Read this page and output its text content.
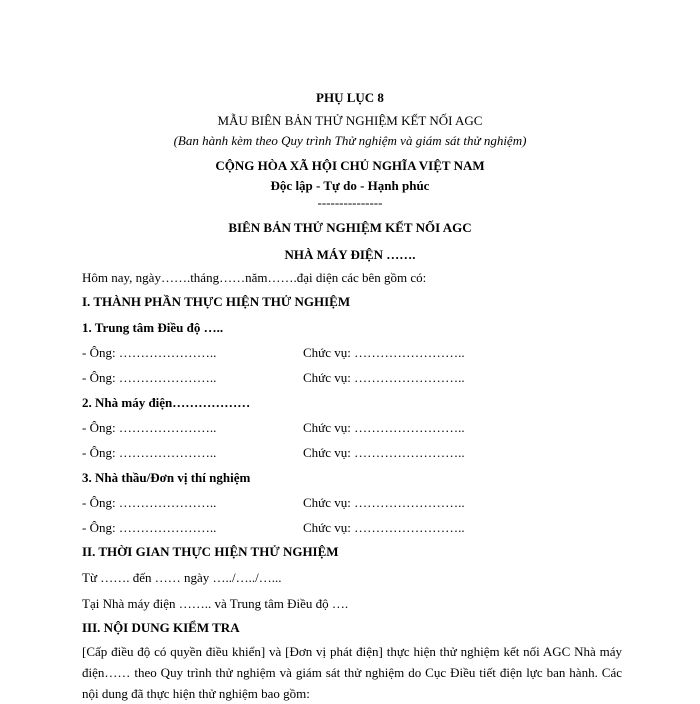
PHỤ LỤC 8
MẪU BIÊN BẢN THỬ NGHIỆM KẾT NỐI AGC
(Ban hành kèm theo Quy trình Thử nghiệm và giám sát thử nghiệm)
CỘNG HÒA XÃ HỘI CHỦ NGHĨA VIỆT NAM
Độc lập - Tự do - Hạnh phúc
---------------
BIÊN BẢN THỬ NGHIỆM KẾT NỐI AGC
NHÀ MÁY ĐIỆN …….
Hôm nay, ngày…….tháng……năm…….đại diện các bên gồm có:
I. THÀNH PHẦN THỰC HIỆN THỬ NGHIỆM
1. Trung tâm Điều độ …..
- Ông: …………………..	Chức vụ: ……………………..
- Ông: …………………..	Chức vụ: ……………………..
2. Nhà máy điện………………
- Ông: …………………..	Chức vụ: ……………………..
- Ông: …………………..	Chức vụ: ……………………..
3. Nhà thầu/Đơn vị thí nghiệm
- Ông: …………………..	Chức vụ: ……………………..
- Ông: …………………..	Chức vụ: ……………………..
II. THỜI GIAN THỰC HIỆN THỬ NGHIỆM
Từ ……. đến …… ngày …../…../…...
Tại Nhà máy điện …….. và Trung tâm Điều độ ….
III. NỘI DUNG KIỂM TRA
[Cấp điều độ có quyền điều khiển] và [Đơn vị phát điện] thực hiện thử nghiệm kết nối AGC Nhà máy điện…… theo Quy trình thử nghiệm và giám sát thử nghiệm do Cục Điều tiết điện lực ban hành. Các nội dung đã thực hiện thử nghiệm bao gồm:
